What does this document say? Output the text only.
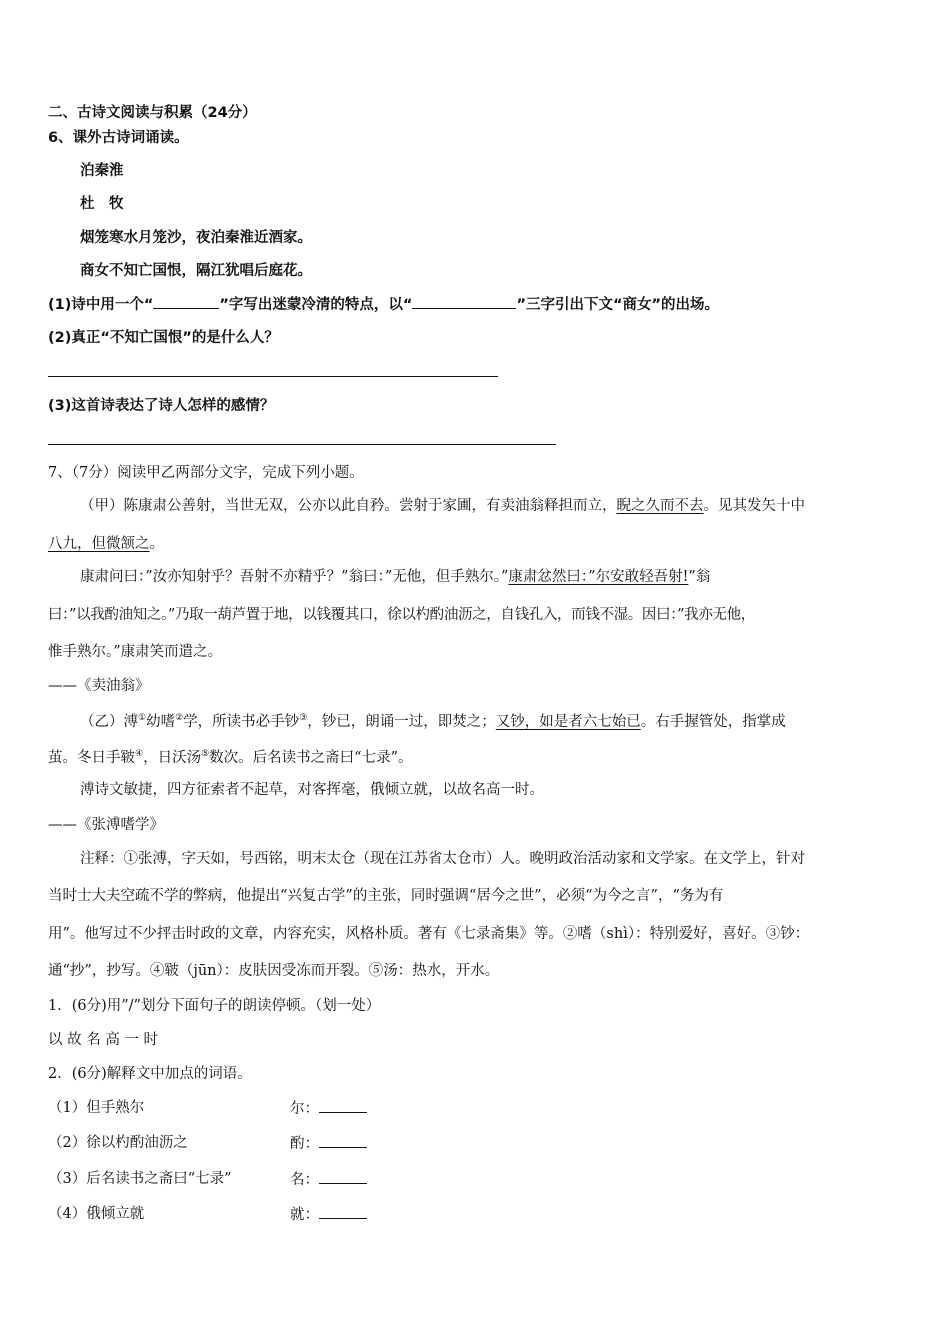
二、古诗文阅读与积累（24分）
6、课外古诗词诵读。
泊秦淮
杜　牧
烟笼寒水月笼沙，夜泊秦淮近酒家。
商女不知亡国恨，隔江犹唱后庭花。
(1)诗中用一个“	”字写出迷蒙冷清的特点，以“	”三字引出下文“商女”的出场。
(2)真正“不知亡国恨”的是什么人？
(3)这首诗表达了诗人怎样的感情？
7、（7分）阅读甲乙两部分文字，完成下列小题。
（甲）陈康肃公善射，当世无双，公亦以此自矜。尝射于家圃，有卖油翁释担而立，睨之久而不去。见其发矢十中
八九，但微颔之。
康肃问曰：”汝亦知射乎？吾射不亦精乎？”翁曰：”无他，但手熟尔。”康肃忿然曰：”尔安敢轻吾射!”翁
曰：”以我酌油知之。”乃取一葫芦置于地，以钱覆其口，徐以杓酌油沥之，自钱孔入，而钱不湿。因曰：”我亦无他，
惟手熟尔。”康肃笑而遣之。
——《卖油翁》
（乙）溥①幼嗜②学，所读书必手钞③，钞已，朗诵一过，即焚之；又钞，如是者六七始已。右手握管处，指掌成
茧。冬日手皲④，日沃汤⑤数次。后名读书之斋曰“七录”。
溥诗文敏捷，四方征索者不起草，对客挥毫，俄倾立就，以故名高一时。
——《张溥嗜学》
注释：①张溥，字天如，号西铭，明末太仓（现在江苏省太仓市）人。晚明政治活动家和文学家。在文学上，针对
当时士大夫空疏不学的弊病，他提出“兴复古学”的主张，同时强调“居今之世”，必须“为今之言”，“务为有
用”。他写过不少抨击时政的文章，内容充实，风格朴质。著有《七录斋集》等。②嗜（shì）：特别爱好，喜好。③钞：
通“抄”，抄写。④皲（jūn）：皮肤因受冻而开裂。⑤汤：热水，开水。
1．(6分)用”/”划分下面句子的朗读停顿。（划一处）
以 故 名 高 一 时
2．(6分)解释文中加点的词语。
（1）但手熟尔	尔：
（2）徐以杓酌油沥之	酌：
（3）后名读书之斋曰“七录”	名：
（4）俄倾立就	就：
